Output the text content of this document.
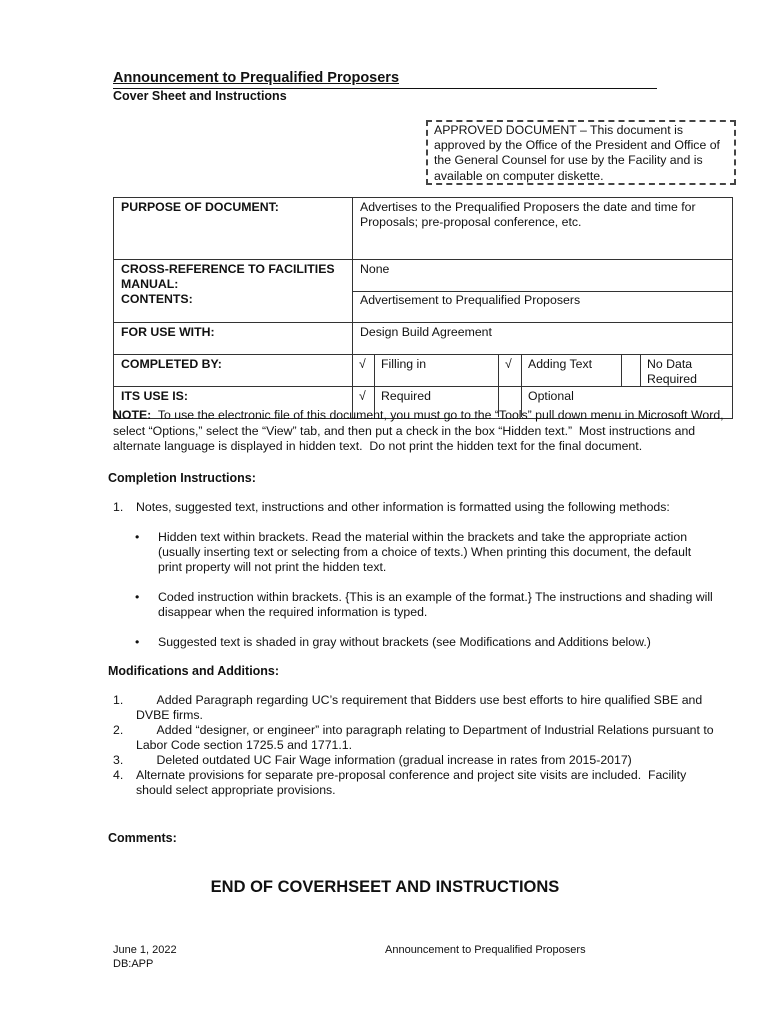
Announcement to Prequalified Proposers
Cover Sheet and Instructions
APPROVED DOCUMENT – This document is approved by the Office of the President and Office of the General Counsel for use by the Facility and is available on computer diskette.
PURPOSE OF DOCUMENT:	Advertises to the Prequalified Proposers the date and time for Proposals; pre-proposal conference, etc.
CROSS-REFERENCE TO FACILITIES MANUAL:	None
CONTENTS:	Advertisement to Prequalified Proposers
FOR USE WITH:	Design Build Agreement
COMPLETED BY:		√	Filling in	√	Adding Text		No Data Required

ITS USE IS:		√	Required		Optional
NOTE:  To use the electronic file of this document, you must go to the “Tools” pull down menu in Microsoft Word, select “Options,” select the “View” tab, and then put a check in the box “Hidden text.”  Most instructions and alternate language is displayed in hidden text.  Do not print the hidden text for the final document.
Completion Instructions:
1. Notes, suggested text, instructions and other information is formatted using the following methods:
• Hidden text within brackets. Read the material within the brackets and take the appropriate action (usually inserting text or selecting from a choice of texts.) When printing this document, the default print property will not print the hidden text.
• Coded instruction within brackets. {This is an example of the format.} The instructions and shading will disappear when the required information is typed.
• Suggested text is shaded in gray without brackets (see Modifications and Additions below.)
Modifications and Additions:
1. Added Paragraph regarding UC’s requirement that Bidders use best efforts to hire qualified SBE and DVBE firms.
2. Added “designer, or engineer” into paragraph relating to Department of Industrial Relations pursuant to Labor Code section 1725.5 and 1771.1.
3. Deleted outdated UC Fair Wage information (gradual increase in rates from 2015-2017)
4. Alternate provisions for separate pre-proposal conference and project site visits are included.  Facility should select appropriate provisions.
Comments:
END OF COVERHSEET AND INSTRUCTIONS
June 1, 2022
DB:APP
Announcement to Prequalified Proposers
